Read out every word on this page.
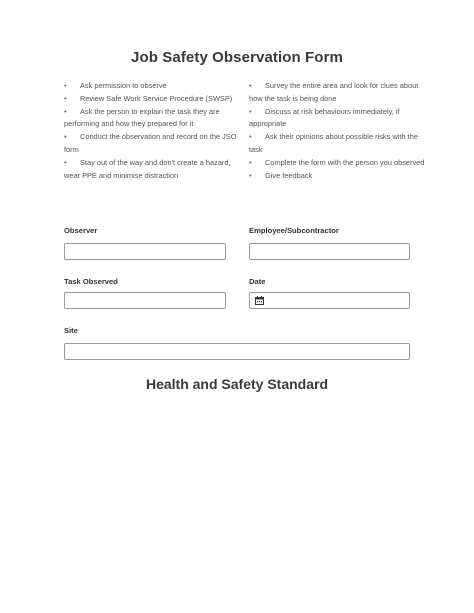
Job Safety Observation Form
• Ask permission to observe
• Review Safe Work Service Procedure (SWSP)
• Ask the person to explain the task they are performing and how they prepared for it
• Conduct the observation and record on the JSO form
• Stay out of the way and don't create a hazard, wear PPE and minimise distraction
• Survey the entire area and look for clues about how the task is being done
• Discuss at risk behaviours immediately, if appropriate
• Ask their opinions about possible risks with the task
• Complete the form with the person you observed
• Give feedback
Observer	Employee/Subcontractor
Task Observed	Date
Site
Health and Safety Standard
